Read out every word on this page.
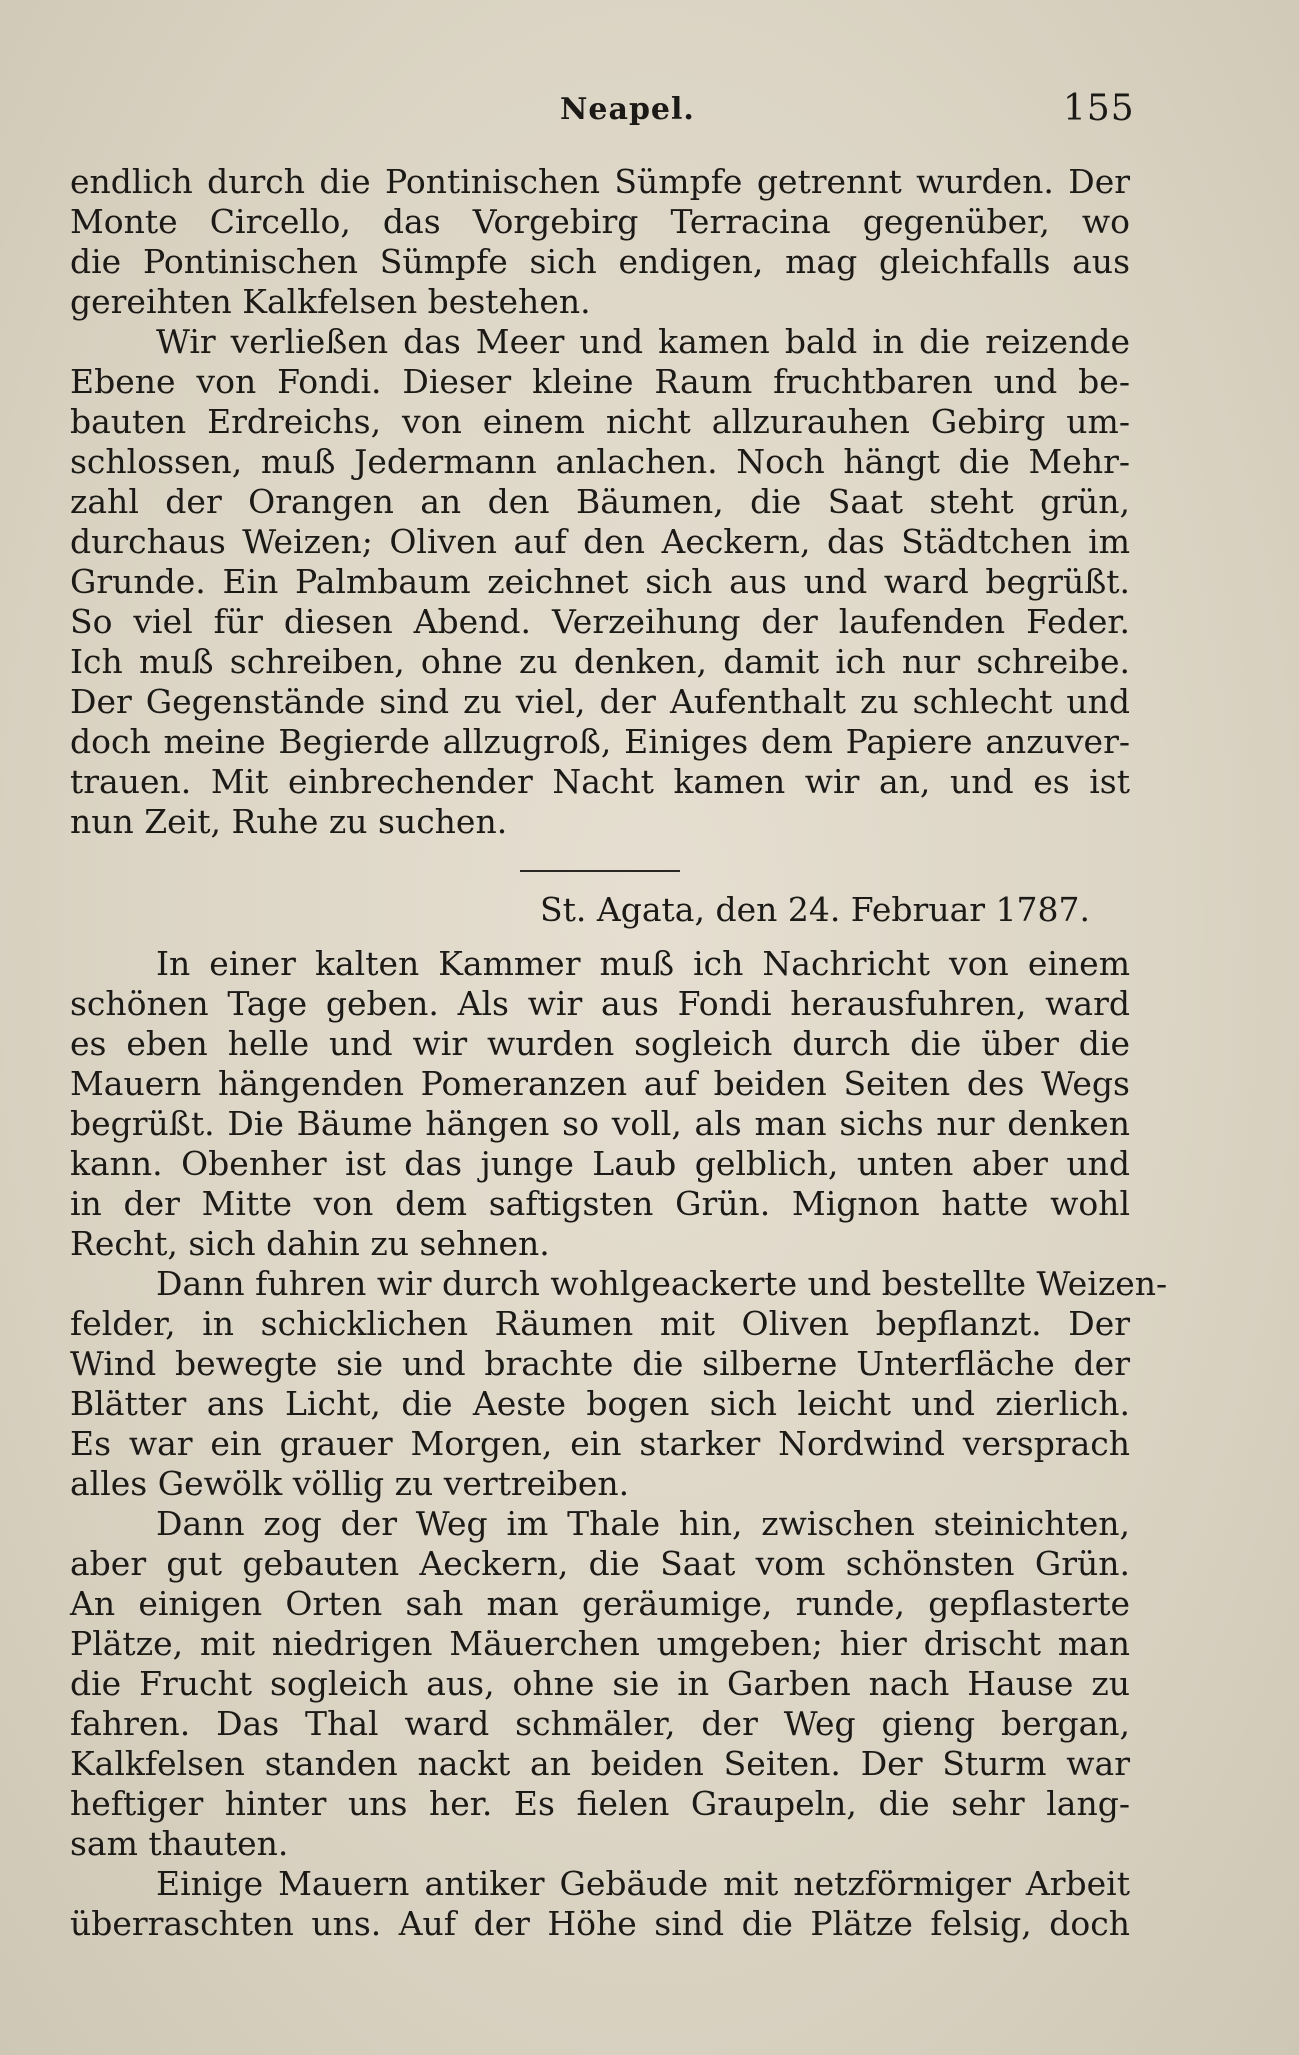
Neapel.	155
endlich durch die Pontinischen Sümpfe getrennt wurden. Der
Monte Circello, das Vorgebirg Terracina gegenüber, wo
die Pontinischen Sümpfe sich endigen, mag gleichfalls aus
gereihten Kalkfelsen bestehen.
Wir verließen das Meer und kamen bald in die reizende
Ebene von Fondi. Dieser kleine Raum fruchtbaren und be-
bauten Erdreichs, von einem nicht allzurauhen Gebirg um-
schlossen, muß Jedermann anlachen. Noch hängt die Mehr-
zahl der Orangen an den Bäumen, die Saat steht grün,
durchaus Weizen; Oliven auf den Aeckern, das Städtchen im
Grunde. Ein Palmbaum zeichnet sich aus und ward begrüßt.
So viel für diesen Abend. Verzeihung der laufenden Feder.
Ich muß schreiben, ohne zu denken, damit ich nur schreibe.
Der Gegenstände sind zu viel, der Aufenthalt zu schlecht und
doch meine Begierde allzugroß, Einiges dem Papiere anzuver-
trauen. Mit einbrechender Nacht kamen wir an, und es ist
nun Zeit, Ruhe zu suchen.
St. Agata, den 24. Februar 1787.
In einer kalten Kammer muß ich Nachricht von einem
schönen Tage geben. Als wir aus Fondi herausfuhren, ward
es eben helle und wir wurden sogleich durch die über die
Mauern hängenden Pomeranzen auf beiden Seiten des Wegs
begrüßt. Die Bäume hängen so voll, als man sichs nur denken
kann. Obenher ist das junge Laub gelblich, unten aber und
in der Mitte von dem saftigsten Grün. Mignon hatte wohl
Recht, sich dahin zu sehnen.
Dann fuhren wir durch wohlgeackerte und bestellte Weizen-
felder, in schicklichen Räumen mit Oliven bepflanzt. Der
Wind bewegte sie und brachte die silberne Unterfläche der
Blätter ans Licht, die Aeste bogen sich leicht und zierlich.
Es war ein grauer Morgen, ein starker Nordwind versprach
alles Gewölk völlig zu vertreiben.
Dann zog der Weg im Thale hin, zwischen steinichten,
aber gut gebauten Aeckern, die Saat vom schönsten Grün.
An einigen Orten sah man geräumige, runde, gepflasterte
Plätze, mit niedrigen Mäuerchen umgeben; hier drischt man
die Frucht sogleich aus, ohne sie in Garben nach Hause zu
fahren. Das Thal ward schmäler, der Weg gieng bergan,
Kalkfelsen standen nackt an beiden Seiten. Der Sturm war
heftiger hinter uns her. Es fielen Graupeln, die sehr lang-
sam thauten.
Einige Mauern antiker Gebäude mit netzförmiger Arbeit
überraschten uns. Auf der Höhe sind die Plätze felsig, doch
